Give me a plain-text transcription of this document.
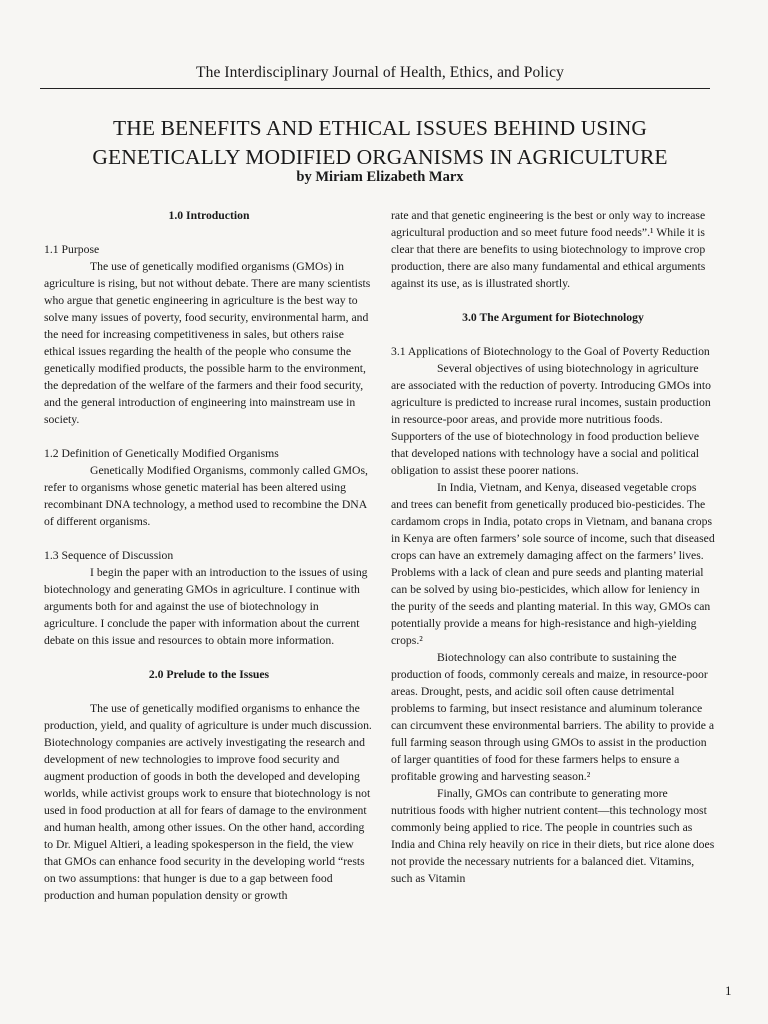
The Interdisciplinary Journal of Health, Ethics, and Policy
THE BENEFITS AND ETHICAL ISSUES BEHIND USING
GENETICALLY MODIFIED ORGANISMS IN AGRICULTURE
by Miriam Elizabeth Marx

1.0 Introduction

1.1 Purpose

The use of genetically modified organisms (GMOs) in agriculture is rising, but not without debate. There are many scientists who argue that genetic engineering in agriculture is the best way to solve many issues of poverty, food security, environmental harm, and the need for increasing competitiveness in sales, but others raise ethical issues regarding the health of the people who consume the genetically modified products, the possible harm to the environment, the depredation of the welfare of the farmers and their food security, and the general introduction of engineering into mainstream use in society.

1.2 Definition of Genetically Modified Organisms

Genetically Modified Organisms, commonly called GMOs, refer to organisms whose genetic material has been altered using recombinant DNA technology, a method used to recombine the DNA of different organisms.

1.3 Sequence of Discussion

I begin the paper with an introduction to the issues of using biotechnology and generating GMOs in agriculture. I continue with arguments both for and against the use of biotechnology in agriculture. I conclude the paper with information about the current debate on this issue and resources to obtain more information.

2.0 Prelude to the Issues

The use of genetically modified organisms to enhance the production, yield, and quality of agriculture is under much discussion. Biotechnology companies are actively investigating the research and development of new technologies to improve food security and augment production of goods in both the developed and developing worlds, while activist groups work to ensure that biotechnology is not used in food production at all for fears of damage to the environment and human health, among other issues. On the other hand, according to Dr. Miguel Altieri, a leading spokesperson in the field, the view that GMOs can enhance food security in the developing world “rests on two assumptions: that hunger is due to a gap between food production and human population density or growth

rate and that genetic engineering is the best or only way to increase agricultural production and so meet future food needs”.¹ While it is clear that there are benefits to using biotechnology to improve crop production, there are also many fundamental and ethical arguments against its use, as is illustrated shortly.

3.0 The Argument for Biotechnology

3.1 Applications of Biotechnology to the Goal of Poverty Reduction

Several objectives of using biotechnology in agriculture are associated with the reduction of poverty. Introducing GMOs into agriculture is predicted to increase rural incomes, sustain production in resource-poor areas, and provide more nutritious foods. Supporters of the use of biotechnology in food production believe that developed nations with technology have a social and political obligation to assist these poorer nations.

In India, Vietnam, and Kenya, diseased vegetable crops and trees can benefit from genetically produced bio-pesticides. The cardamom crops in India, potato crops in Vietnam, and banana crops in Kenya are often farmers’ sole source of income, such that diseased crops can have an extremely damaging affect on the farmers’ lives. Problems with a lack of clean and pure seeds and planting material can be solved by using bio-pesticides, which allow for leniency in the purity of the seeds and planting material. In this way, GMOs can potentially provide a means for high-resistance and high-yielding crops.²

Biotechnology can also contribute to sustaining the production of foods, commonly cereals and maize, in resource-poor areas. Drought, pests, and acidic soil often cause detrimental problems to farming, but insect resistance and aluminum tolerance can circumvent these environmental barriers. The ability to provide a full farming season through using GMOs to assist in the production of larger quantities of food for these farmers helps to ensure a profitable growing and harvesting season.²

Finally, GMOs can contribute to generating more nutritious foods with higher nutrient content—this technology most commonly being applied to rice. The people in countries such as India and China rely heavily on rice in their diets, but rice alone does not provide the necessary nutrients for a balanced diet. Vitamins, such as Vitamin

1
